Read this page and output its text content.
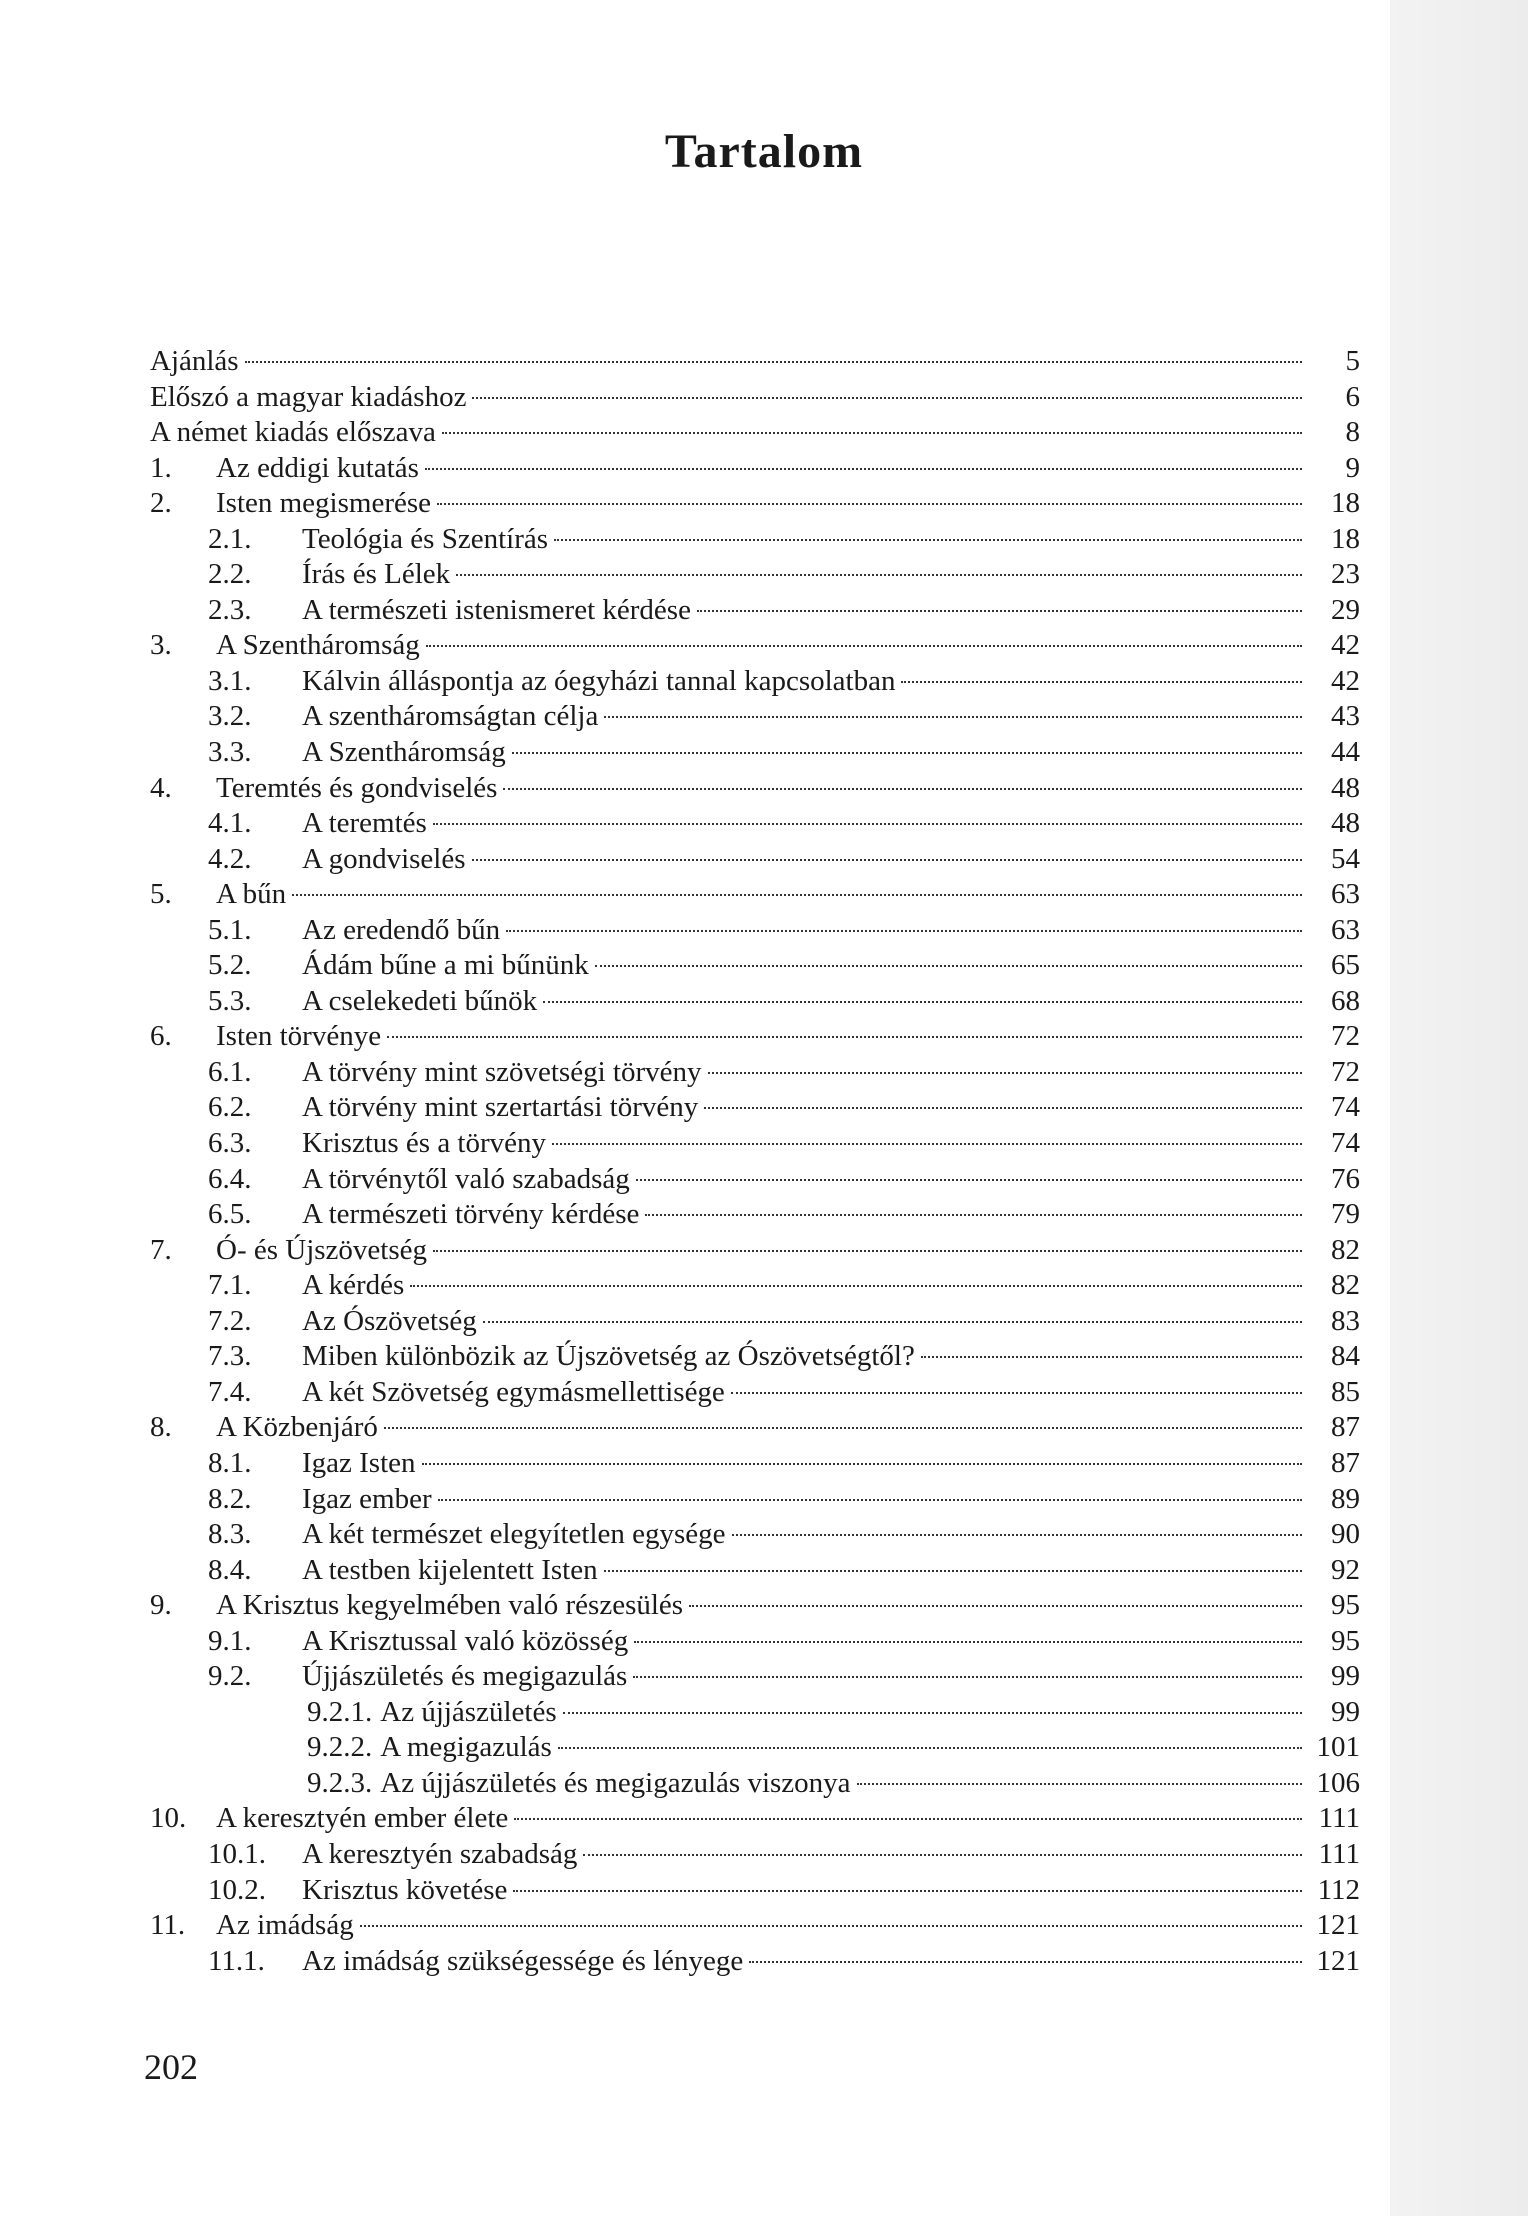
Tartalom
Ajánlás	5
Előszó a magyar kiadáshoz	6
A német kiadás előszava	8
1.	Az eddigi kutatás	9
2.	Isten megismerése	18
2.1.	Teológia és Szentírás	18
2.2.	Írás és Lélek	23
2.3.	A természeti istenismeret kérdése	29
3.	A Szentháromság	42
3.1.	Kálvin álláspontja az óegyházi tannal kapcsolatban	42
3.2.	A szentháromságtan célja	43
3.3.	A Szentháromság	44
4.	Teremtés és gondviselés	48
4.1.	A teremtés	48
4.2.	A gondviselés	54
5.	A bűn	63
5.1.	Az eredendő bűn	63
5.2.	Ádám bűne a mi bűnünk	65
5.3.	A cselekedeti bűnök	68
6.	Isten törvénye	72
6.1.	A törvény mint szövetségi törvény	72
6.2.	A törvény mint szertartási törvény	74
6.3.	Krisztus és a törvény	74
6.4.	A törvénytől való szabadság	76
6.5.	A természeti törvény kérdése	79
7.	Ó- és Újszövetség	82
7.1.	A kérdés	82
7.2.	Az Ószövetség	83
7.3.	Miben különbözik az Újszövetség az Ószövetségtől?	84
7.4.	A két Szövetség egymásmellettisége	85
8.	A Közbenjáró	87
8.1.	Igaz Isten	87
8.2.	Igaz ember	89
8.3.	A két természet elegyítetlen egysége	90
8.4.	A testben kijelentett Isten	92
9.	A Krisztus kegyelmében való részesülés	95
9.1.	A Krisztussal való közösség	95
9.2.	Újjászületés és megigazulás	99
9.2.1. Az újjászületés	99
9.2.2. A megigazulás	101
9.2.3. Az újjászületés és megigazulás viszonya	106
10.	A keresztyén ember élete	111
10.1.	A keresztyén szabadság	111
10.2.	Krisztus követése	112
11.	Az imádság	121
11.1.	Az imádság szükségessége és lényege	121

202
